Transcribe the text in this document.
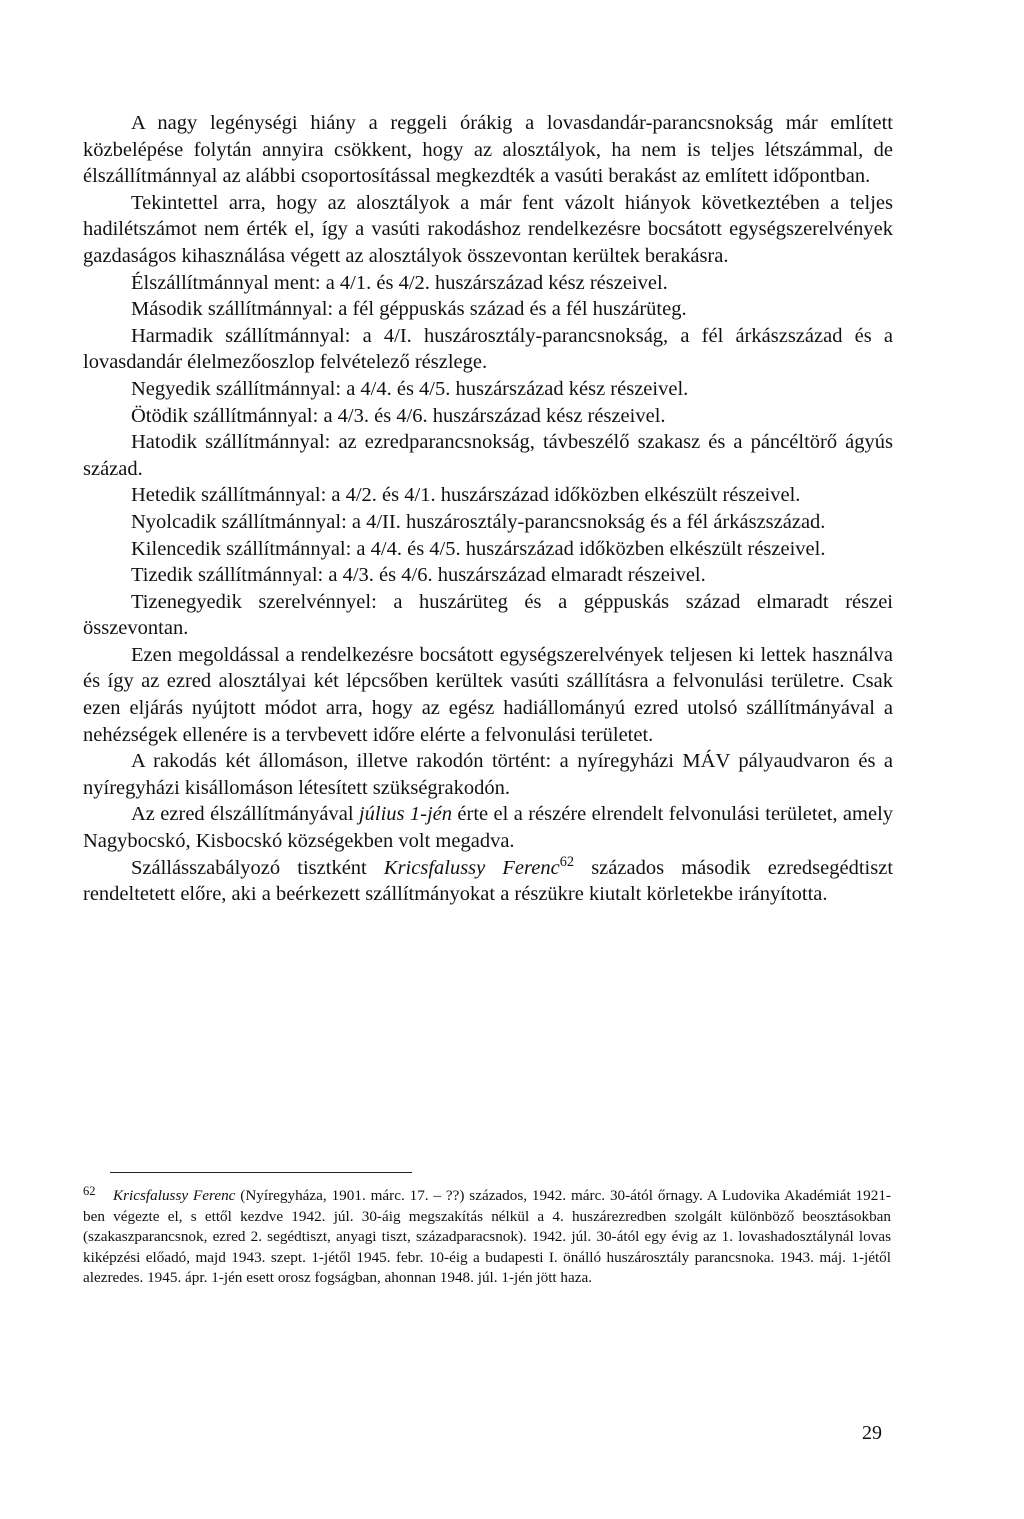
A nagy legénységi hiány a reggeli órákig a lovasdandár-parancsnokság már említett közbelépése folytán annyira csökkent, hogy az alosztályok, ha nem is teljes létszámmal, de élszállítmánnyal az alábbi csoportosítással megkezdték a vasúti berakást az említett időpontban.

Tekintettel arra, hogy az alosztályok a már fent vázolt hiányok következtében a teljes hadilétszámot nem érték el, így a vasúti rakodáshoz rendelkezésre bocsátott egységszerelvények gazdaságos kihasználása végett az alosztályok összevontan kerültek berakásra.

Élszállítmánnyal ment: a 4/1. és 4/2. huszárszázad kész részeivel.

Második szállítmánnyal: a fél géppuskás század és a fél huszárüteg.

Harmadik szállítmánnyal: a 4/I. huszárosztály-parancsnokság, a fél árkászszázad és a lovasdandár élelmezőoszlop felvételező részlege.

Negyedik szállítmánnyal: a 4/4. és 4/5. huszárszázad kész részeivel.

Ötödik szállítmánnyal: a 4/3. és 4/6. huszárszázad kész részeivel.

Hatodik szállítmánnyal: az ezredparancsnokság, távbeszélő szakasz és a páncéltörő ágyús század.

Hetedik szállítmánnyal: a 4/2. és 4/1. huszárszázad időközben elkészült részeivel.

Nyolcadik szállítmánnyal: a 4/II. huszárosztály-parancsnokság és a fél árkászszázad.

Kilencedik szállítmánnyal: a 4/4. és 4/5. huszárszázad időközben elkészült részeivel.

Tizedik szállítmánnyal: a 4/3. és 4/6. huszárszázad elmaradt részeivel.

Tizenegyedik szerelvénnyel: a huszárüteg és a géppuskás század elmaradt részei összevontan.

Ezen megoldással a rendelkezésre bocsátott egységszerelvények teljesen ki lettek használva és így az ezred alosztályai két lépcsőben kerültek vasúti szállításra a felvonulási területre. Csak ezen eljárás nyújtott módot arra, hogy az egész hadiállományú ezred utolsó szállítmányával a nehézségek ellenére is a tervbevett időre elérte a felvonulási területet.

A rakodás két állomáson, illetve rakodón történt: a nyíregyházi MÁV pályaudvaron és a nyíregyházi kisállomáson létesített szükségrakodón.

Az ezred élszállítmányával július 1-jén érte el a részére elrendelt felvonulási területet, amely Nagybocskó, Kisbocskó községekben volt megadva.

Szállásszabályozó tisztként Kricsfalussy Ferenc$^{62}$ százados második ezredsegédtiszt rendeltetett előre, aki a beérkezett szállítmányokat a részükre kiutalt körletekbe irányította.

62 Kricsfalussy Ferenc (Nyíregyháza, 1901. márc. 17. – ??) százados, 1942. márc. 30-ától őrnagy. A Ludovika Akadémiát 1921-ben végezte el, s ettől kezdve 1942. júl. 30-áig megszakítás nélkül a 4. huszárezredben szolgált különböző beosztásokban (szakaszparancsnok, ezred 2. segédtiszt, anyagi tiszt, századparacsnok). 1942. júl. 30-ától egy évig az 1. lovashadosztálynál lovas kiképzési előadó, majd 1943. szept. 1-jétől 1945. febr. 10-éig a budapesti I. önálló huszárosztály parancsnoka. 1943. máj. 1-jétől alezredes. 1945. ápr. 1-jén esett orosz fogságban, ahonnan 1948. júl. 1-jén jött haza.
29
